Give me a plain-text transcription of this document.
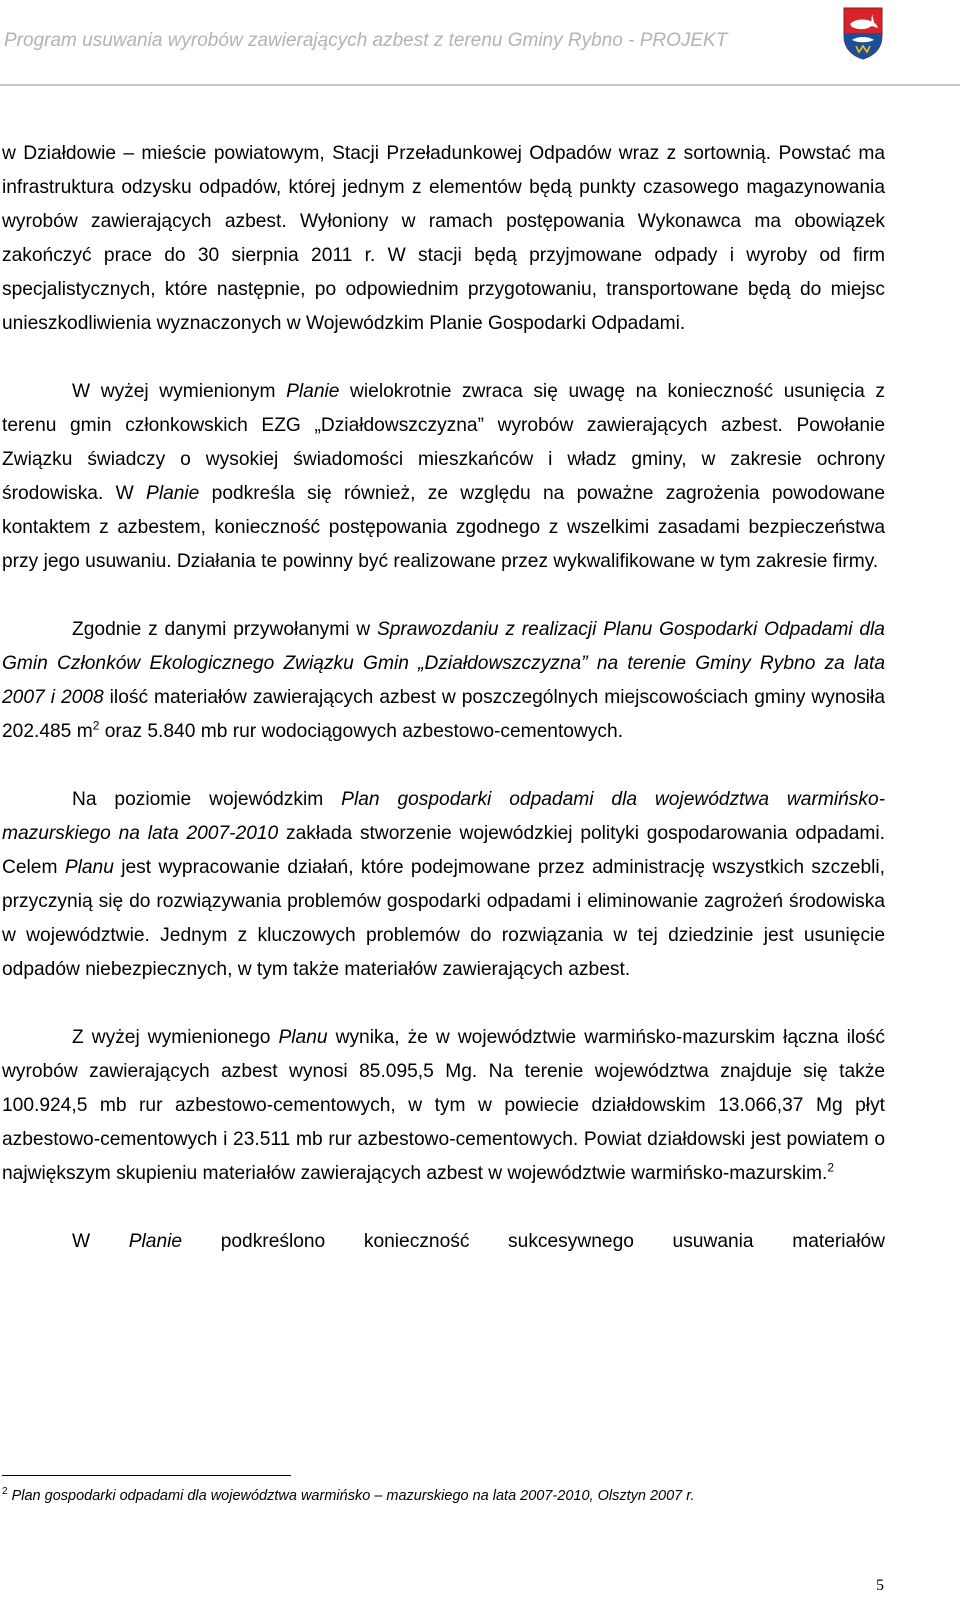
Program usuwania wyrobów zawierających azbest z terenu Gminy Rybno - PROJEKT

w Działdowie – mieście powiatowym, Stacji Przeładunkowej Odpadów wraz z sortownią. Powstać ma infrastruktura odzysku odpadów, której jednym z elementów będą punkty czasowego magazynowania wyrobów zawierających azbest. Wyłoniony w ramach postępowania Wykonawca ma obowiązek zakończyć prace do 30 sierpnia 2011 r. W stacji będą przyjmowane odpady i wyroby od firm specjalistycznych, które następnie, po odpowiednim przygotowaniu, transportowane będą do miejsc unieszkodliwienia wyznaczonych w Wojewódzkim Planie Gospodarki Odpadami.

W wyżej wymienionym Planie wielokrotnie zwraca się uwagę na konieczność usunięcia z terenu gmin członkowskich EZG „Działdowszczyzna” wyrobów zawierających azbest. Powołanie Związku świadczy o wysokiej świadomości mieszkańców i władz gminy, w zakresie ochrony środowiska. W Planie podkreśla się również, ze względu na poważne zagrożenia powodowane kontaktem z azbestem, konieczność postępowania zgodnego z wszelkimi zasadami bezpieczeństwa przy jego usuwaniu. Działania te powinny być realizowane przez wykwalifikowane w tym zakresie firmy.

Zgodnie z danymi przywołanymi w Sprawozdaniu z realizacji Planu Gospodarki Odpadami dla Gmin Członków Ekologicznego Związku Gmin „Działdowszczyzna” na terenie Gminy Rybno za lata 2007 i 2008 ilość materiałów zawierających azbest w poszczególnych miejscowościach gminy wynosiła 202.485 $m^2$ oraz 5.840 mb rur wodociągowych azbestowo-cementowych.

Na poziomie wojewódzkim Plan gospodarki odpadami dla województwa warmińsko-mazurskiego na lata 2007-2010 zakłada stworzenie wojewódzkiej polityki gospodarowania odpadami. Celem Planu jest wypracowanie działań, które podejmowane przez administrację wszystkich szczebli, przyczynią się do rozwiązywania problemów gospodarki odpadami i eliminowanie zagrożeń środowiska w województwie. Jednym z kluczowych problemów do rozwiązania w tej dziedzinie jest usunięcie odpadów niebezpiecznych, w tym także materiałów zawierających azbest.

Z wyżej wymienionego Planu wynika, że w województwie warmińsko-mazurskim łączna ilość wyrobów zawierających azbest wynosi 85.095,5 Mg. Na terenie województwa znajduje się także 100.924,5 mb rur azbestowo-cementowych, w tym w powiecie działdowskim 13.066,37 Mg płyt azbestowo-cementowych i 23.511 mb rur azbestowo-cementowych. Powiat działdowski jest powiatem o największym skupieniu materiałów zawierających azbest w województwie warmińsko-mazurskim.$^2$

W Planie podkreślono konieczność sukcesywnego usuwania materiałów

$^2$ Plan gospodarki odpadami dla województwa warmińsko – mazurskiego na lata 2007-2010, Olsztyn 2007 r.
5
